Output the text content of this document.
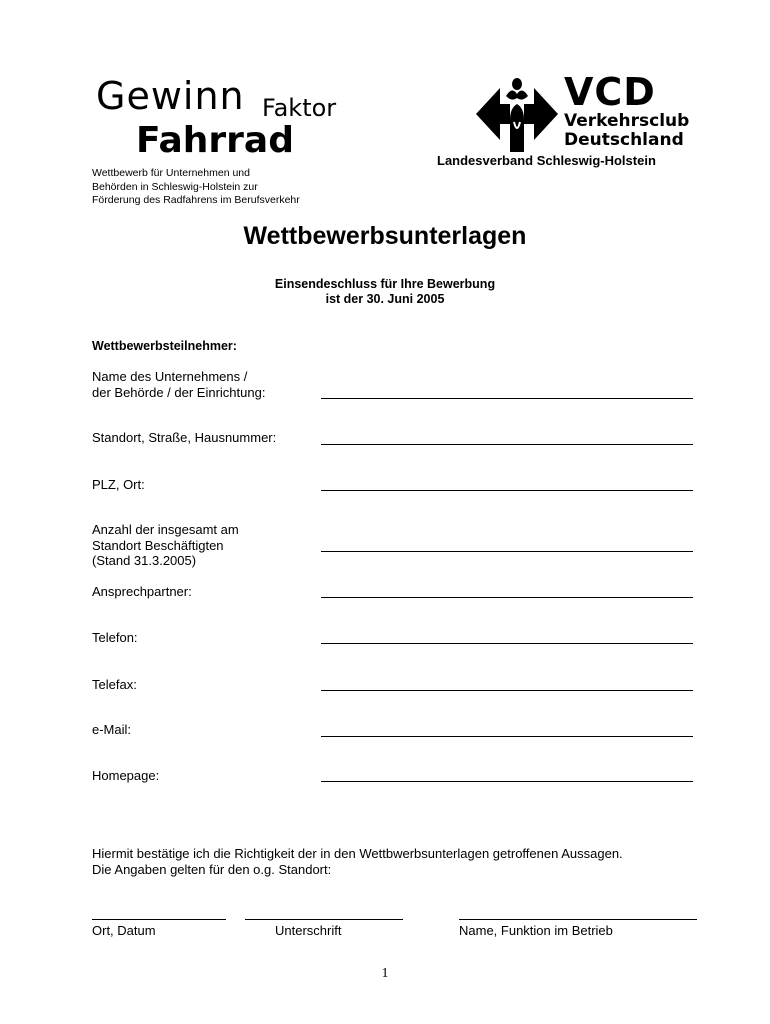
Gewinn Faktor
Fahrrad
Wettbewerb für Unternehmen und
Behörden in Schleswig-Holstein zur
Förderung des Radfahrens im Berufsverkehr
VCD
Verkehrsclub
Deutschland
Landesverband Schleswig-Holstein
Wettbewerbsunterlagen
Einsendeschluss für Ihre Bewerbung
ist der 30. Juni 2005
Wettbewerbsteilnehmer:
Name des Unternehmens /
der Behörde / der Einrichtung:
Standort, Straße, Hausnummer:
PLZ, Ort:
Anzahl der insgesamt am
Standort Beschäftigten
(Stand 31.3.2005)
Ansprechpartner:
Telefon:
Telefax:
e-Mail:
Homepage:
Hiermit bestätige ich die Richtigkeit der in den Wettbwerbsunterlagen getroffenen Aussagen.
Die Angaben gelten für den o.g. Standort:
Ort, Datum	Unterschrift	Name, Funktion im Betrieb
1
